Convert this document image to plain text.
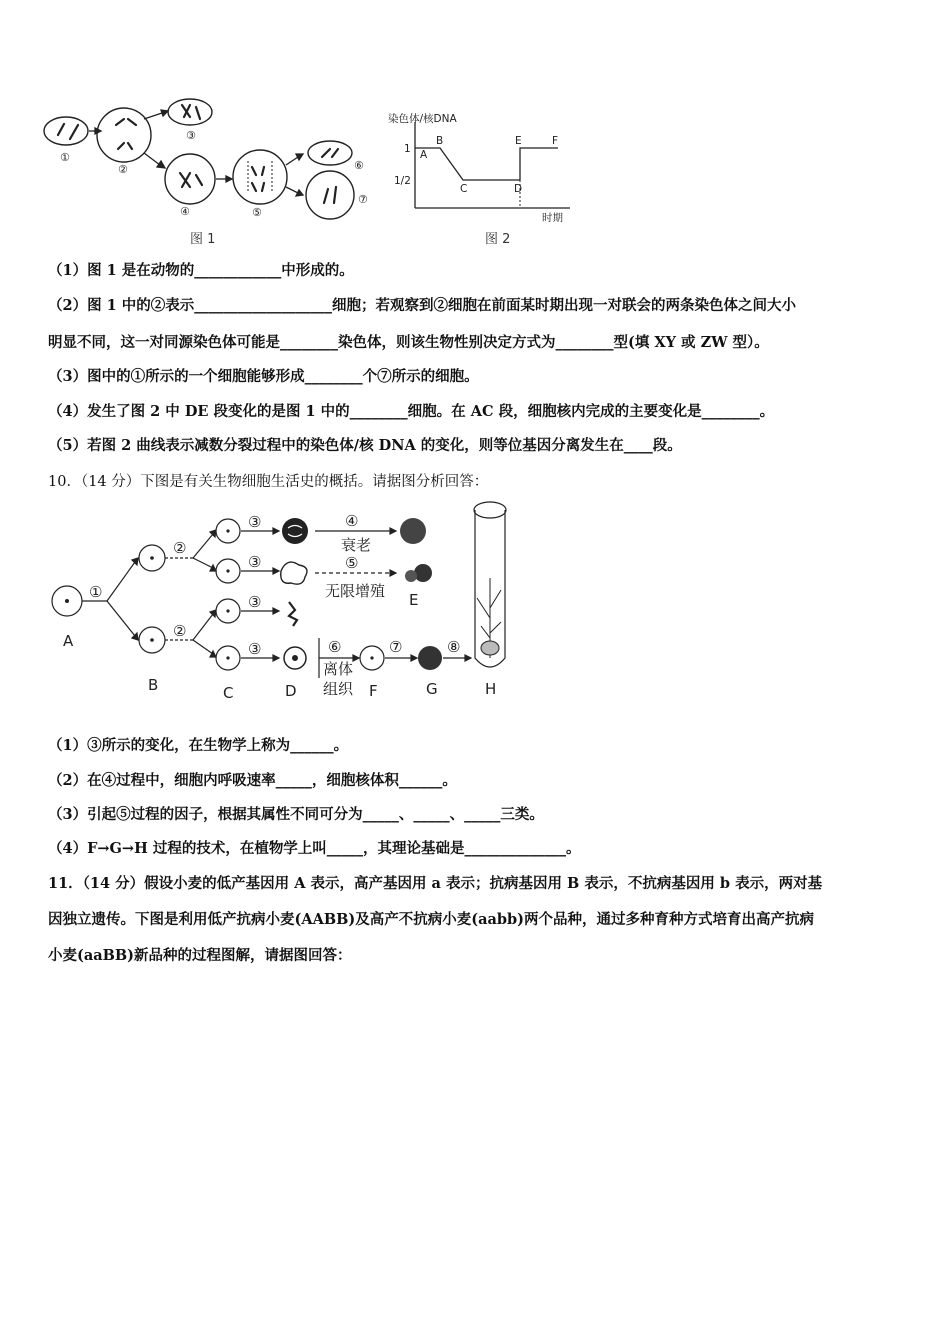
①
②
③
④	⑤
⑥
⑦
图 1
染色体/核DNA
1
1/2
时期
A
B
C	D
E	F
图 2
（1）图 1 是在动物的____________中形成的。
（2）图 1 中的②表示___________________细胞；若观察到②细胞在前面某时期出现一对联会的两条染色体之间大小
明显不同，这一对同源染色体可能是________染色体，则该生物性别决定方式为________型(填 XY 或 ZW 型）。
（3）图中的①所示的一个细胞能够形成________个⑦所示的细胞。
（4）发生了图 2 中 DE 段变化的是图 1 中的________细胞。在 AC 段，细胞核内完成的主要变化是________。
（5）若图 2 曲线表示减数分裂过程中的染色体/核 DNA 的变化，则等位基因分离发生在____段。
10．（14 分）下图是有关生物细胞生活史的概括。请据图分析回答：
①
②
②
③
③
③
③
④
⑤
⑥	⑦	⑧
衰老
无限增殖
离体
组织
A
B	C	D
E
F	G	H
（1）③所示的变化，在生物学上称为______。
（2）在④过程中，细胞内呼吸速率_____，细胞核体积______。
（3）引起⑤过程的因子，根据其属性不同可分为_____、_____、_____三类。
（4）F→G→H 过程的技术，在植物学上叫_____，其理论基础是______________。
11．（14 分）假设小麦的低产基因用 A 表示，高产基因用 a 表示；抗病基因用 B 表示，不抗病基因用 b 表示，两对基
因独立遗传。下图是利用低产抗病小麦(AABB)及高产不抗病小麦(aabb)两个品种，通过多种育种方式培育出高产抗病
小麦(aaBB)新品种的过程图解，请据图回答：
